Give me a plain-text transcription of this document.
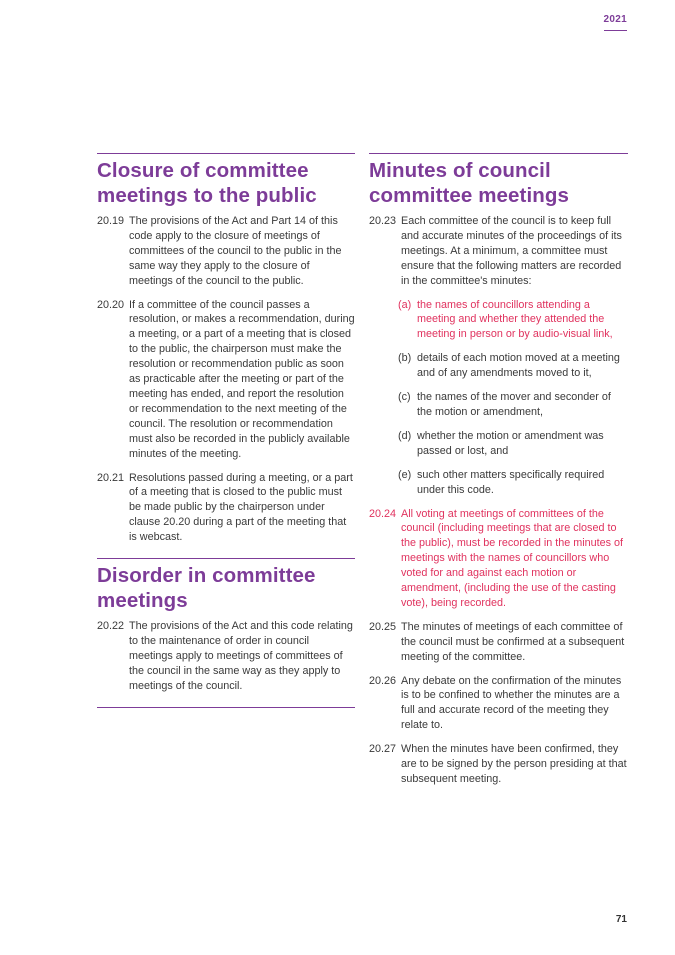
2021
Closure of committee meetings to the public
20.19 The provisions of the Act and Part 14 of this code apply to the closure of meetings of committees of the council to the public in the same way they apply to the closure of meetings of the council to the public.
20.20 If a committee of the council passes a resolution, or makes a recommendation, during a meeting, or a part of a meeting that is closed to the public, the chairperson must make the resolution or recommendation public as soon as practicable after the meeting or part of the meeting has ended, and report the resolution or recommendation to the next meeting of the council. The resolution or recommendation must also be recorded in the publicly available minutes of the meeting.
20.21 Resolutions passed during a meeting, or a part of a meeting that is closed to the public must be made public by the chairperson under clause 20.20 during a part of the meeting that is webcast.
Disorder in committee meetings
20.22 The provisions of the Act and this code relating to the maintenance of order in council meetings apply to meetings of committees of the council in the same way as they apply to meetings of the council.
Minutes of council committee meetings
20.23 Each committee of the council is to keep full and accurate minutes of the proceedings of its meetings. At a minimum, a committee must ensure that the following matters are recorded in the committee's minutes:
(a) the names of councillors attending a meeting and whether they attended the meeting in person or by audio-visual link,
(b) details of each motion moved at a meeting and of any amendments moved to it,
(c) the names of the mover and seconder of the motion or amendment,
(d) whether the motion or amendment was passed or lost, and
(e) such other matters specifically required under this code.
20.24 All voting at meetings of committees of the council (including meetings that are closed to the public), must be recorded in the minutes of meetings with the names of councillors who voted for and against each motion or amendment, (including the use of the casting vote), being recorded.
20.25 The minutes of meetings of each committee of the council must be confirmed at a subsequent meeting of the committee.
20.26 Any debate on the confirmation of the minutes is to be confined to whether the minutes are a full and accurate record of the meeting they relate to.
20.27 When the minutes have been confirmed, they are to be signed by the person presiding at that subsequent meeting.
71
